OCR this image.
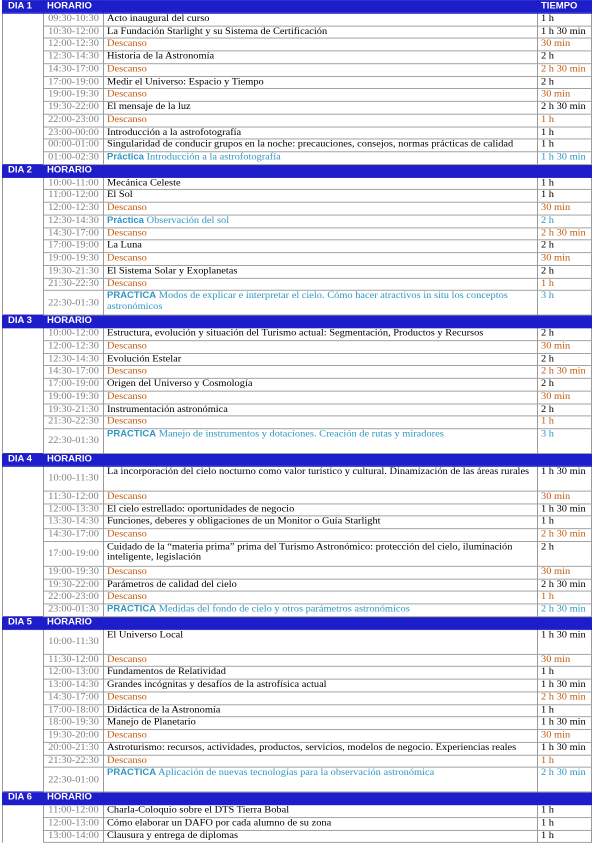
DIA 1	HORARIO		TIEMPO
	09:30-10:30	Acto inaugural del curso	1 h
	10:30-12:00	La Fundación Starlight y su Sistema de Certificación	1 h 30 min
	12:00-12:30	Descanso	30 min
	12:30-14:30	Historia de la Astronomía	2 h
	14:30-17:00	Descanso	2 h 30 min
	17:00-19:00	Medir el Universo: Espacio y Tiempo	2 h
	19:00-19:30	Descanso	30 min
	19:30-22:00	El mensaje de la luz	2 h 30 min
	22:00-23:00	Descanso	1 h
	23:00-00:00	Introducción a la astrofotografía	1 h
	00:00-01:00	Singularidad de conducir grupos en la noche: precauciones, consejos, normas prácticas de calidad	1 h
	01:00-02:30	Práctica Introducción a la astrofotografía	1 h 30 min
DIA 2	HORARIO		
	10:00-11:00	Mecánica Celeste	1 h
	11:00-12:00	El Sol	1 h
	12:00-12:30	Descanso	30 min
	12:30-14:30	Práctica Observación del sol	2 h
	14:30-17:00	Descanso	2 h 30 min
	17:00-19:00	La Luna	2 h
	19:00-19:30	Descanso	30 min
	19:30-21:30	El Sistema Solar y Exoplanetas	2 h
	21:30-22:30	Descanso	1 h
	22:30-01:30	PRÁCTICA Modos de explicar e interpretar el cielo. Cómo hacer atractivos in situ los conceptos astronómicos	3 h
DIA 3	HORARIO		
	10:00-12:00	Estructura, evolución y situación del Turismo actual: Segmentación, Productos y Recursos	2 h
	12:00-12:30	Descanso	30 min
	12:30-14:30	Evolución Estelar	2 h
	14:30-17:00	Descanso	2 h 30 min
	17:00-19:00	Origen del Universo y Cosmología	2 h
	19:00-19:30	Descanso	30 min
	19:30-21:30	Instrumentación astronómica	2 h
	21:30-22:30	Descanso	1 h
	22:30-01:30	PRÁCTICA Manejo de instrumentos y dotaciones. Creación de rutas y miradores	3 h
DIA 4	HORARIO		
	10:00-11:30	La incorporación del cielo nocturno como valor turístico y cultural. Dinamización de las áreas rurales	1 h 30 min
	11:30-12:00	Descanso	30 min
	12:00-13:30	El cielo estrellado: oportunidades de negocio	1 h 30 min
	13:30-14:30	Funciones, deberes y obligaciones de un Monitor o Guía Starlight	1 h
	14:30-17:00	Descanso	2 h 30 min
	17:00-19:00	Cuidado de la “materia prima” prima del Turismo Astronómico: protección del cielo, iluminación inteligente, legislación	2 h
	19:00-19:30	Descanso	30 min
	19:30-22:00	Parámetros de calidad del cielo	2 h 30 min
	22:00-23:00	Descanso	1 h
	23:00-01:30	PRÁCTICA Medidas del fondo de cielo y otros parámetros astronómicos	2 h 30 min
DIA 5	HORARIO		
	10:00-11:30	El Universo Local	1 h 30 min
	11:30-12:00	Descanso	30 min
	12:00-13:00	Fundamentos de Relatividad	1 h
	13:00-14:30	Grandes incógnitas y desafíos de la astrofísica actual	1 h 30 min
	14:30-17:00	Descanso	2 h 30 min
	17:00-18:00	Didáctica de la Astronomía	1 h
	18:00-19:30	Manejo de Planetario	1 h 30 min
	19:30-20:00	Descanso	30 min
	20:00-21:30	Astroturismo: recursos, actividades, productos, servicios, modelos de negocio. Experiencias reales	1 h 30 min
	21:30-22:30	Descanso	1 h
	22:30-01:00	PRÁCTICA Aplicación de nuevas tecnologías para la observación astronómica	2 h 30 min
DIA 6	HORARIO		
	11:00-12:00	Charla-Coloquio sobre el DTS Tierra Bobal	1 h
	12:00-13:00	Cómo elaborar un DAFO por cada alumno de su zona	1 h
	13:00-14:00	Clausura y entrega de diplomas	1 h
